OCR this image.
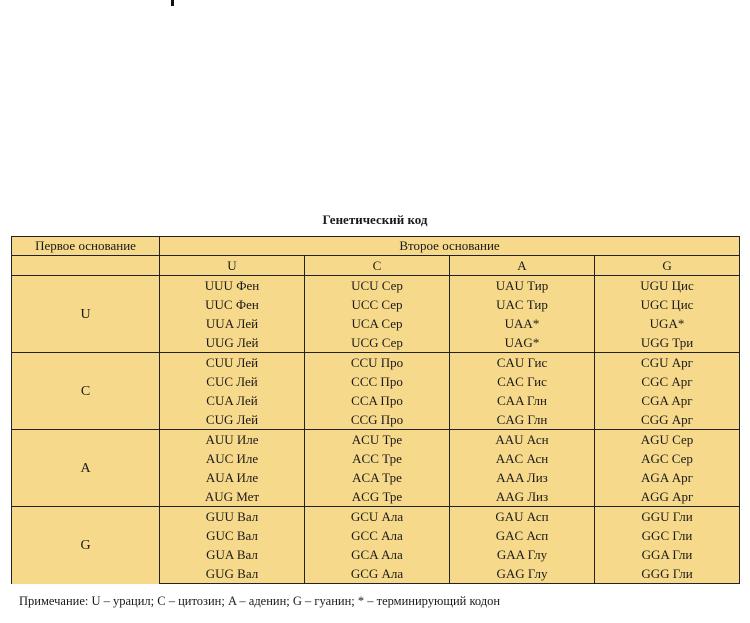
Генетический код
Первое основание	Второе основание			
	U	C	A	G
U	UUU Фен	UCU Сер	UAU Тир	UGU Цис
	UUC Фен	UCC Сер	UAC Тир	UGC Цис
	UUA Лей	UCA Сер	UAA*	UGA*
	UUG Лей	UCG Сер	UAG*	UGG Три
C	CUU Лей	CCU Про	CAU Гис	CGU Арг
	CUC Лей	CCC Про	CAC Гис	CGC Арг
	CUA Лей	CCA Про	CAA Глн	CGA Арг
	CUG Лей	CCG Про	CAG Глн	CGG Арг
A	AUU Иле	ACU Тре	AAU Асн	AGU Сер
	AUC Иле	ACC Тре	AAC Асн	AGC Сер
	AUA Иле	ACA Тре	AAA Лиз	AGA Арг
	AUG Мет	ACG Тре	AAG Лиз	AGG Арг
G	GUU Вал	GCU Ала	GAU Асп	GGU Гли
	GUC Вал	GCC Ала	GAC Асп	GGC Гли
	GUA Вал	GCA Ала	GAA Глу	GGA Гли
	GUG Вал	GCG Ала	GAG Глу	GGG Гли
Примечание: U – урацил; C – цитозин; A – аденин; G – гуанин; * – терминирующий кодон
